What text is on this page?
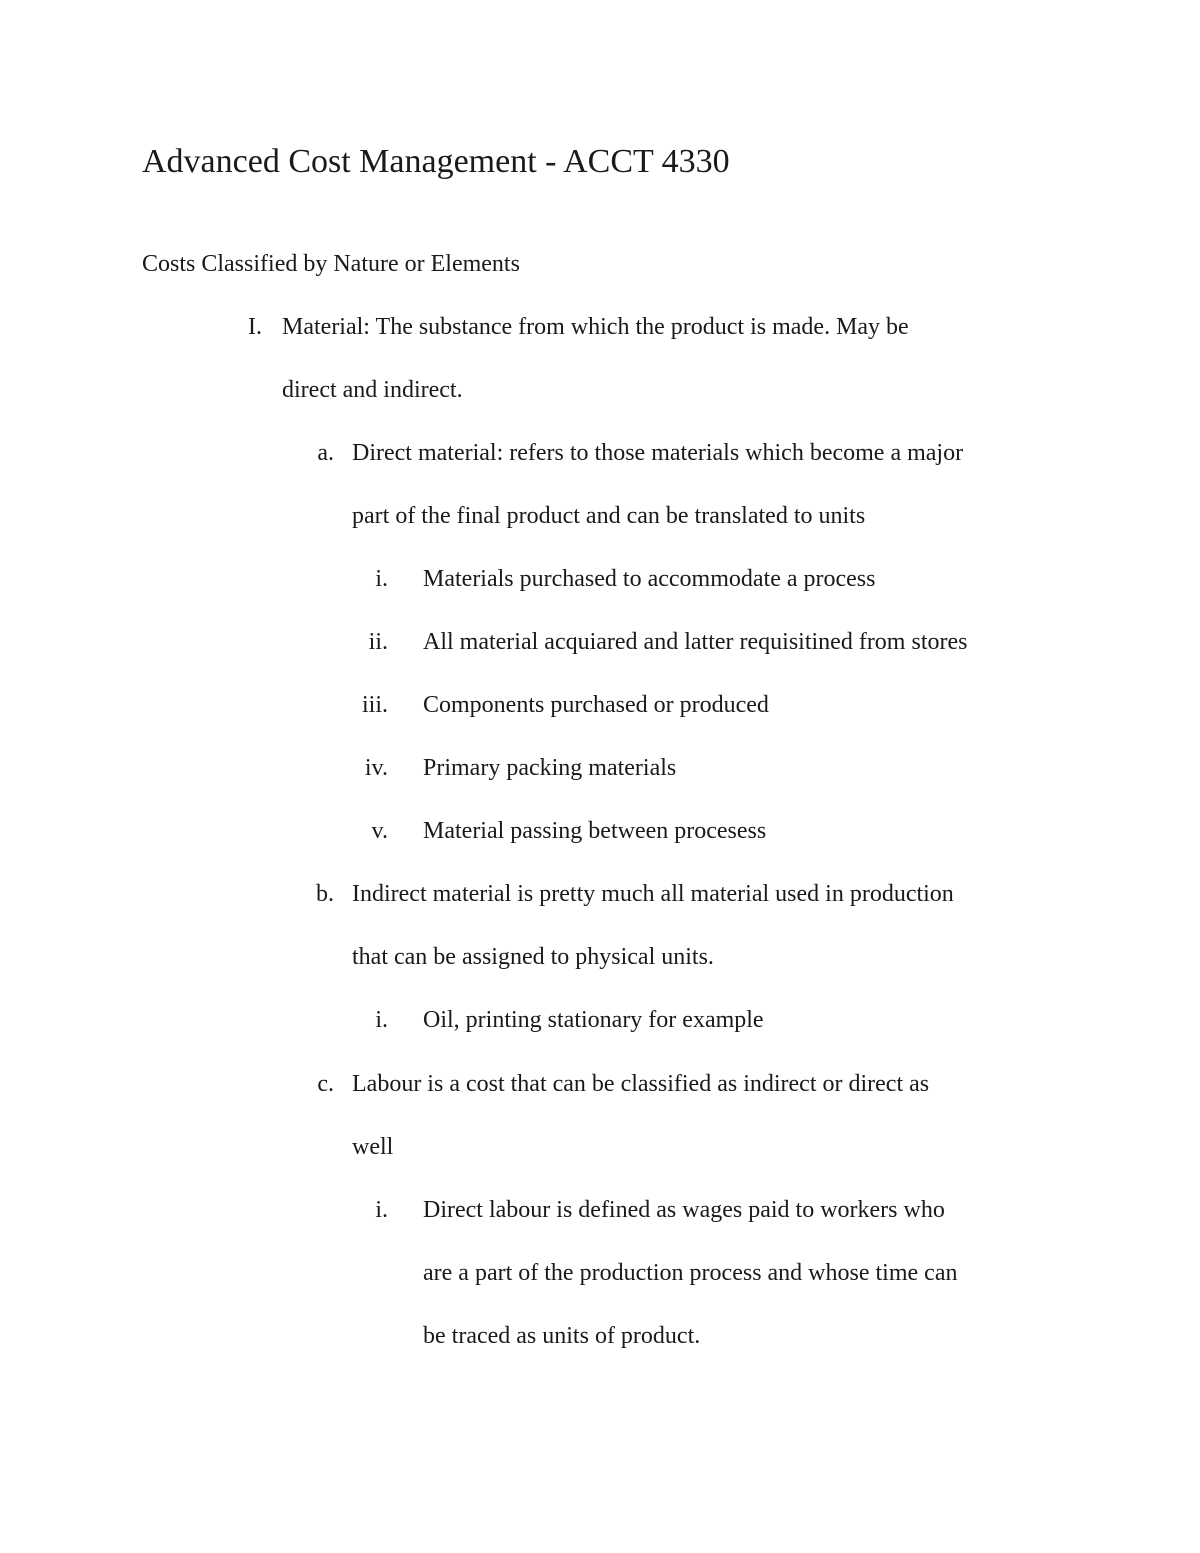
Advanced Cost Management - ACCT 4330
Costs Classified by Nature or Elements
I. Material: The substance from which the product is made. May be
direct and indirect.
a. Direct material: refers to those materials which become a major
part of the final product and can be translated to units
i. Materials purchased to accommodate a process
ii. All material acquiared and latter requisitined from stores
iii. Components purchased or produced
iv. Primary packing materials
v. Material passing between procesess
b. Indirect material is pretty much all material used in production
that can be assigned to physical units.
i. Oil, printing stationary for example
c. Labour is a cost that can be classified as indirect or direct as
well
i. Direct labour is defined as wages paid to workers who
are a part of the production process and whose time can
be traced as units of product.
